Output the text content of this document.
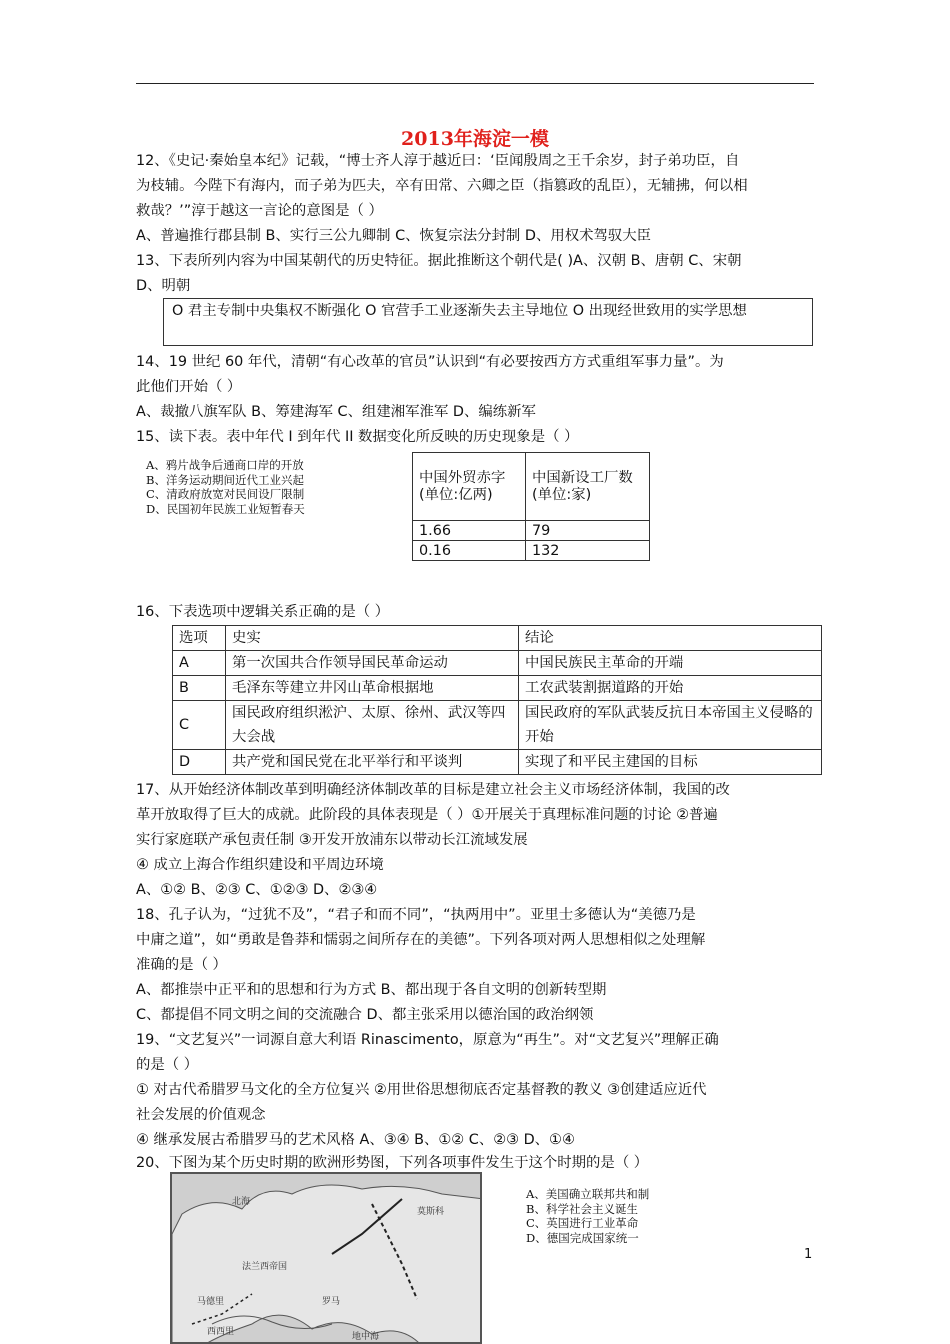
2013年海淀一模
12、《史记·秦始皇本纪》记载，“博士齐人淳于越近曰：‘臣闻殷周之王千余岁，封子弟功臣，自
为枝辅。今陛下有海内，而子弟为匹夫，卒有田常、六卿之臣（指篡政的乱臣），无辅拂，何以相
救哉？’”淳于越这一言论的意图是（ ）
A、普遍推行郡县制 B、实行三公九卿制 C、恢复宗法分封制 D、用权术驾驭大臣
13、下表所列内容为中国某朝代的历史特征。据此推断这个朝代是( )A、汉朝 B、唐朝 C、宋朝
D、明朝
O 君主专制中央集权不断强化 O 官营手工业逐渐失去主导地位 O 出现经世致用的实学思想
14、19 世纪 60 年代，清朝“有心改革的官员”认识到“有必要按西方方式重组军事力量”。为
此他们开始（ ）
A、裁撤八旗军队 B、筹建海军 C、组建湘军淮军 D、编练新军
15、读下表。表中年代 I 到年代 II 数据变化所反映的历史现象是（ ）
A、鸦片战争后通商口岸的开放
B、洋务运动期间近代工业兴起
C、清政府放宽对民间设厂限制
D、民国初年民族工业短暂春天
中国外贸赤字(单位:亿两)	中国新设工厂数(单位:家)
1.66	79
0.16	132
16、下表选项中逻辑关系正确的是（ ）
选项	史实	结论
A	第一次国共合作领导国民革命运动	中国民族民主革命的开端
B	毛泽东等建立井冈山革命根据地	工农武装割据道路的开始
C	国民政府组织淞沪、太原、徐州、武汉等四大会战	国民政府的军队武装反抗日本帝国主义侵略的开始
D	共产党和国民党在北平举行和平谈判	实现了和平民主建国的目标
17、从开始经济体制改革到明确经济体制改革的目标是建立社会主义市场经济体制，我国的改
革开放取得了巨大的成就。此阶段的具体表现是（ ）①开展关于真理标准问题的讨论 ②普遍
实行家庭联产承包责任制 ③开发开放浦东以带动长江流域发展
④ 成立上海合作组织建设和平周边环境
A、①② B、②③ C、①②③ D、②③④
18、孔子认为，“过犹不及”，“君子和而不同”，“执两用中”。亚里士多德认为“美德乃是
中庸之道”，如“勇敢是鲁莽和懦弱之间所存在的美德”。下列各项对两人思想相似之处理解
准确的是（ ）
A、都推崇中正平和的思想和行为方式 B、都出现于各自文明的创新转型期
C、都提倡不同文明之间的交流融合 D、都主张采用以德治国的政治纲领
19、“文艺复兴”一词源自意大利语 Rinascimento，原意为“再生”。对“文艺复兴”理解正确
的是（ ）
① 对古代希腊罗马文化的全方位复兴 ②用世俗思想彻底否定基督教的教义 ③创建适应近代
社会发展的价值观念
④ 继承发展古希腊罗马的艺术风格 A、③④ B、①② C、②③ D、①④
20、下图为某个历史时期的欧洲形势图，下列各项事件发生于这个时期的是（ ）
北海
地中海
法兰西帝国
马德里
莫斯科
罗马
西西里
A、美国确立联邦共和制
B、科学社会主义诞生
C、英国进行工业革命
D、德国完成国家统一
1
